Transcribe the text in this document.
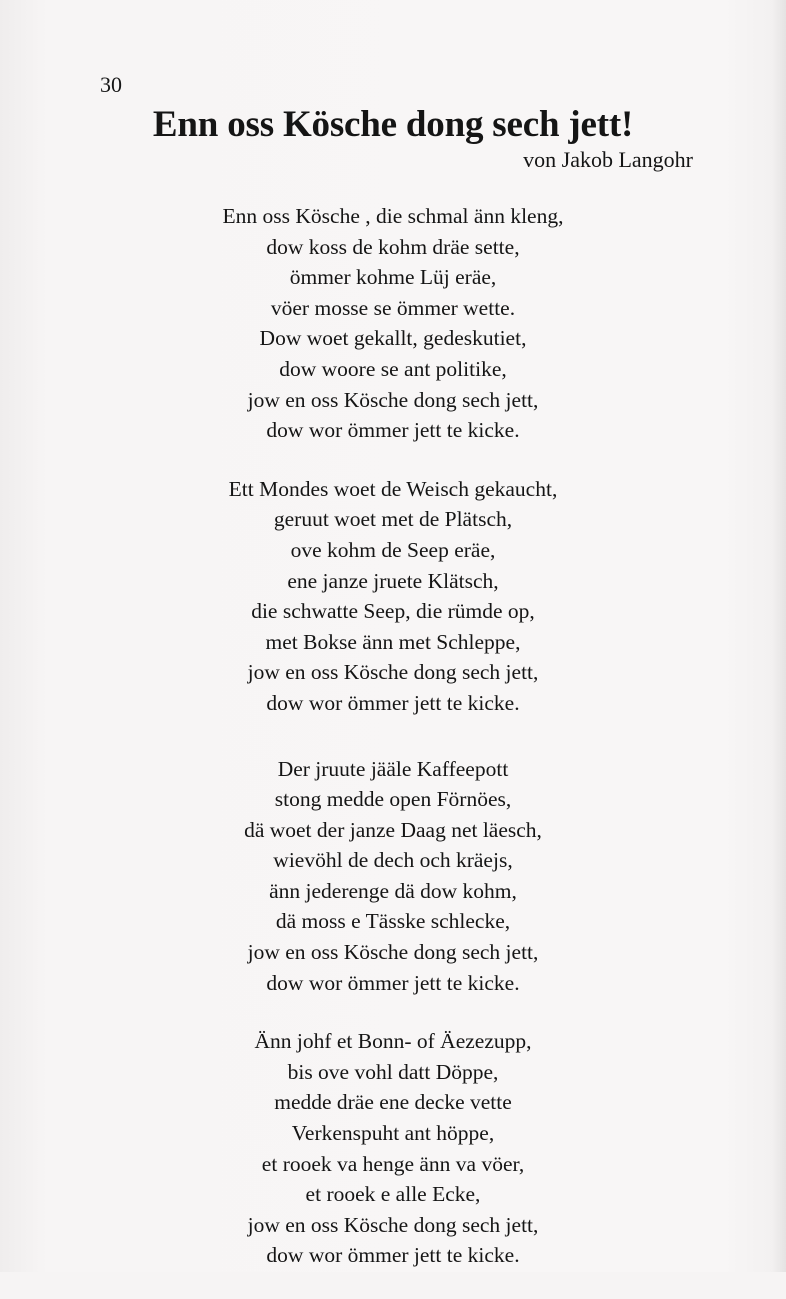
30
Enn oss Kösche dong sech jett!
von Jakob Langohr
Enn oss Kösche , die schmal änn kleng,
dow koss de kohm dräe sette,
ömmer kohme Lüj eräe,
vöer mosse se ömmer wette.
Dow woet gekallt, gedeskutiet,
dow woore se ant politike,
jow en oss Kösche dong sech jett,
dow wor ömmer jett te kicke.
Ett Mondes woet de Weisch gekaucht,
geruut woet met de Plätsch,
ove kohm de Seep eräe,
ene janze jruete Klätsch,
die schwatte Seep, die rümde op,
met Bokse änn met Schleppe,
jow en oss Kösche dong sech jett,
dow wor ömmer jett te kicke.
Der jruute jääle Kaffeepott
stong medde open Förnöes,
dä woet der janze Daag net läesch,
wievöhl de dech och kräejs,
änn jederenge dä dow kohm,
dä moss e Tässke schlecke,
jow en oss Kösche dong sech jett,
dow wor ömmer jett te kicke.
Änn johf et Bonn- of Äezezupp,
bis ove vohl datt Döppe,
medde dräe ene decke vette
Verkenspuht ant höppe,
et rooek va henge änn va vöer,
et rooek e alle Ecke,
jow en oss Kösche dong sech jett,
dow wor ömmer jett te kicke.
